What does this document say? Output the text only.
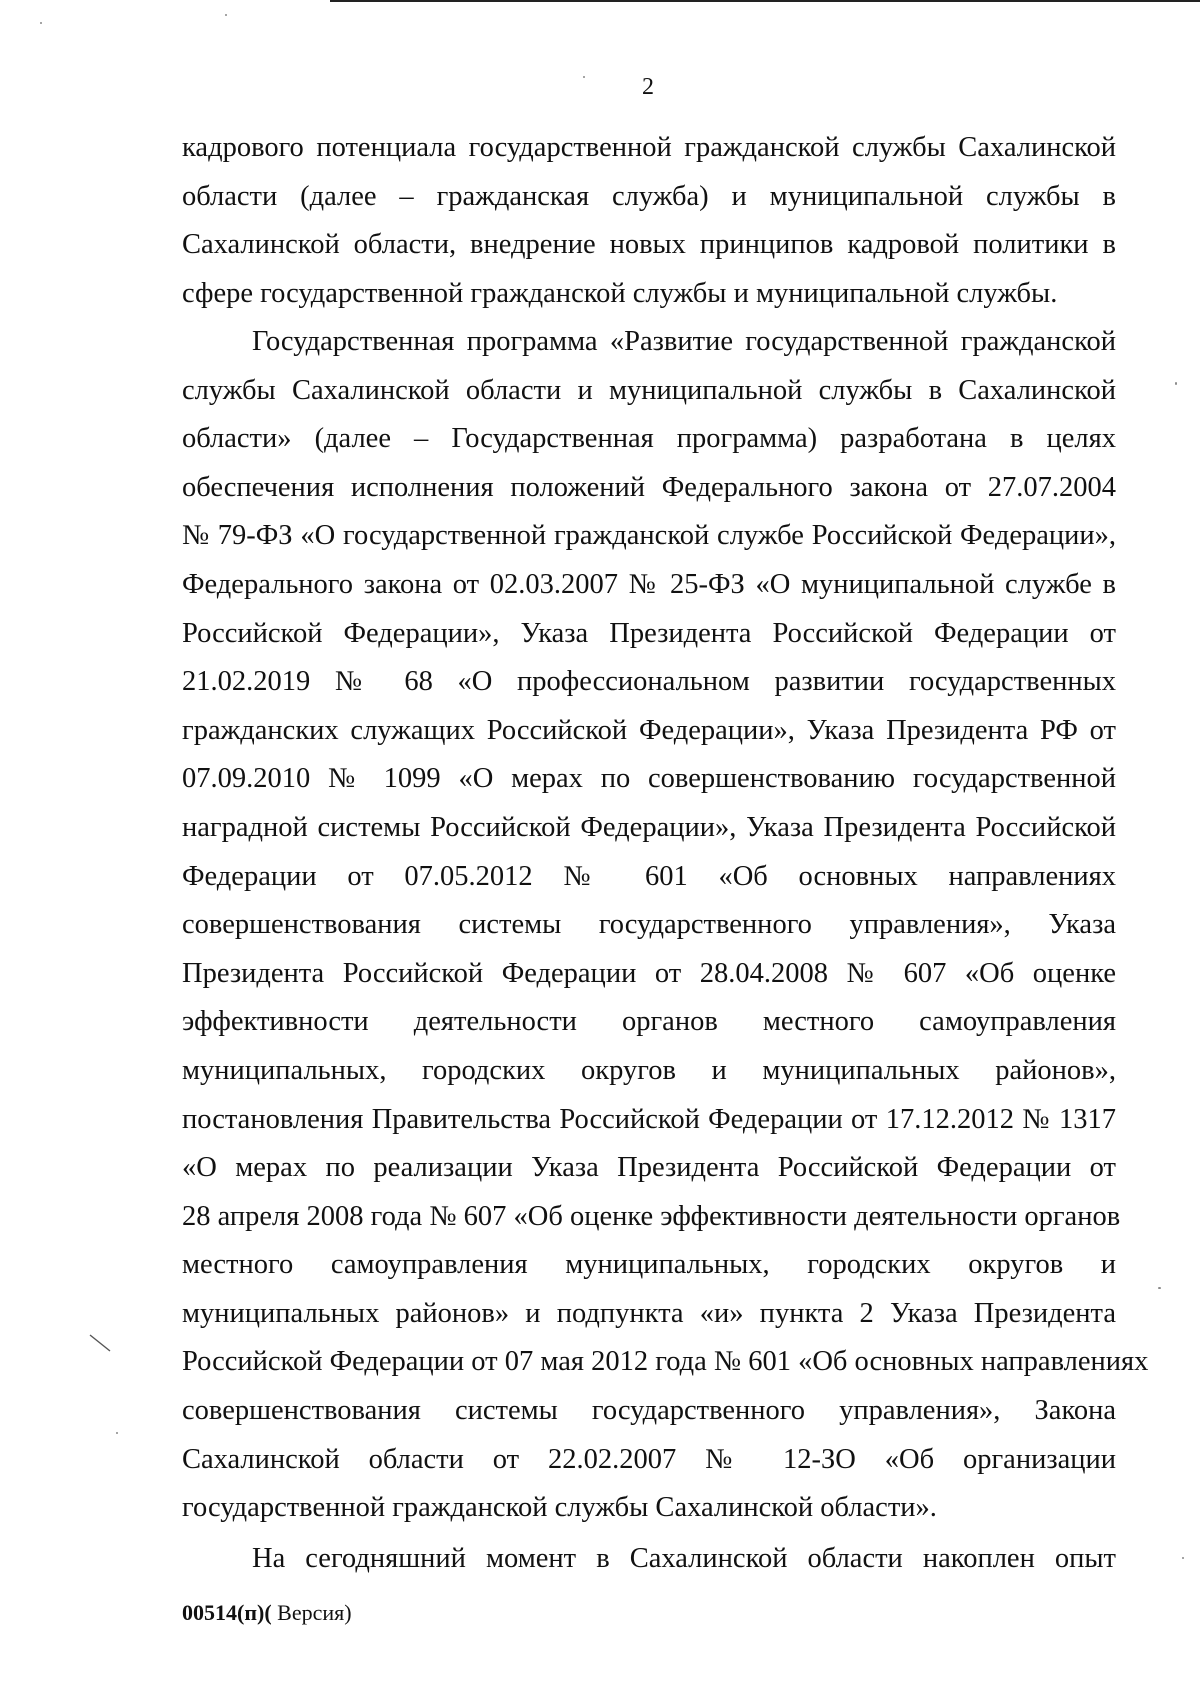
2
кадрового потенциала государственной гражданской службы Сахалинской
области (далее – гражданская служба) и муниципальной службы в
Сахалинской области, внедрение новых принципов кадровой политики в
сфере государственной гражданской службы и муниципальной службы.
Государственная программа «Развитие государственной гражданской
службы Сахалинской области и муниципальной службы в Сахалинской
области» (далее – Государственная программа) разработана в целях
обеспечения исполнения положений Федерального закона от 27.07.2004
№ 79-ФЗ «О государственной гражданской службе Российской Федерации»,
Федерального закона от 02.03.2007 № 25-ФЗ «О муниципальной службе в
Российской Федерации», Указа Президента Российской Федерации от
21.02.2019 № 68 «О профессиональном развитии государственных
гражданских служащих Российской Федерации», Указа Президента РФ от
07.09.2010 № 1099 «О мерах по совершенствованию государственной
наградной системы Российской Федерации», Указа Президента Российской
Федерации от 07.05.2012 № 601 «Об основных направлениях
совершенствования системы государственного управления», Указа
Президента Российской Федерации от 28.04.2008 № 607 «Об оценке
эффективности деятельности органов местного самоуправления
муниципальных, городских округов и муниципальных районов»,
постановления Правительства Российской Федерации от 17.12.2012 № 1317
«О мерах по реализации Указа Президента Российской Федерации от
28 апреля 2008 года № 607 «Об оценке эффективности деятельности органов
местного самоуправления муниципальных, городских округов и
муниципальных районов» и подпункта «и» пункта 2 Указа Президента
Российской Федерации от 07 мая 2012 года № 601 «Об основных направлениях
совершенствования системы государственного управления», Закона
Сахалинской области от 22.02.2007 № 12-ЗО «Об организации
государственной гражданской службы Сахалинской области».
На сегодняшний момент в Сахалинской области накоплен опыт
00514(п)( Версия)
